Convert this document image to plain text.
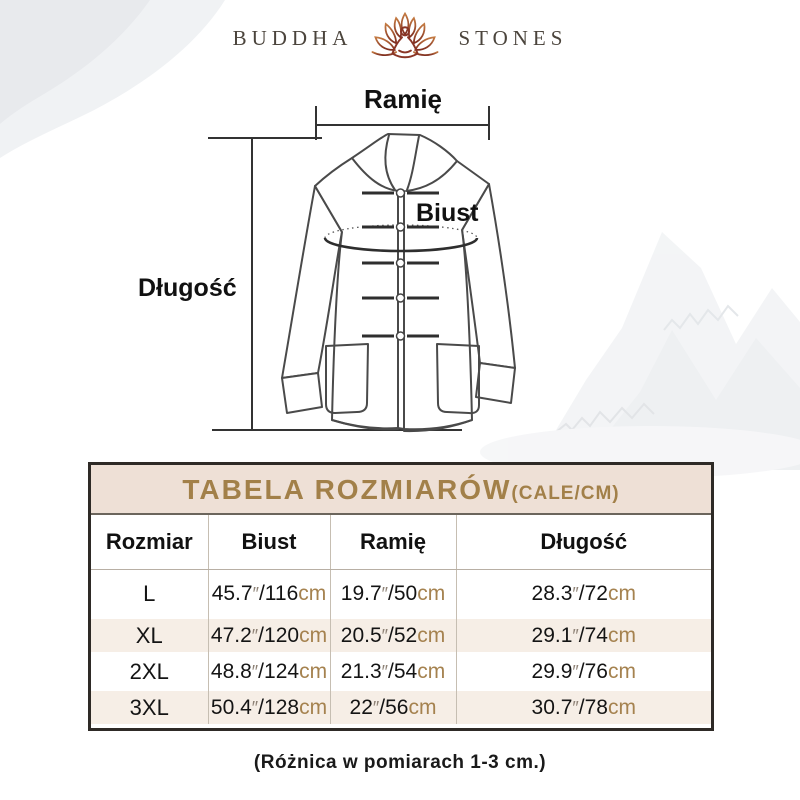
BUDDHA	STONES
Ramię
Biust
Długość
TABELA ROZMIARÓW(CALE/CM)
Rozmiar	Biust	Ramię	Długość
L	45.7″/116cm	19.7″/50cm	28.3″/72cm
XL	47.2″/120cm	20.5″/52cm	29.1″/74cm
2XL	48.8″/124cm	21.3″/54cm	29.9″/76cm
3XL	50.4″/128cm	22″/56cm	30.7″/78cm
(Różnica w pomiarach 1-3 cm.)
